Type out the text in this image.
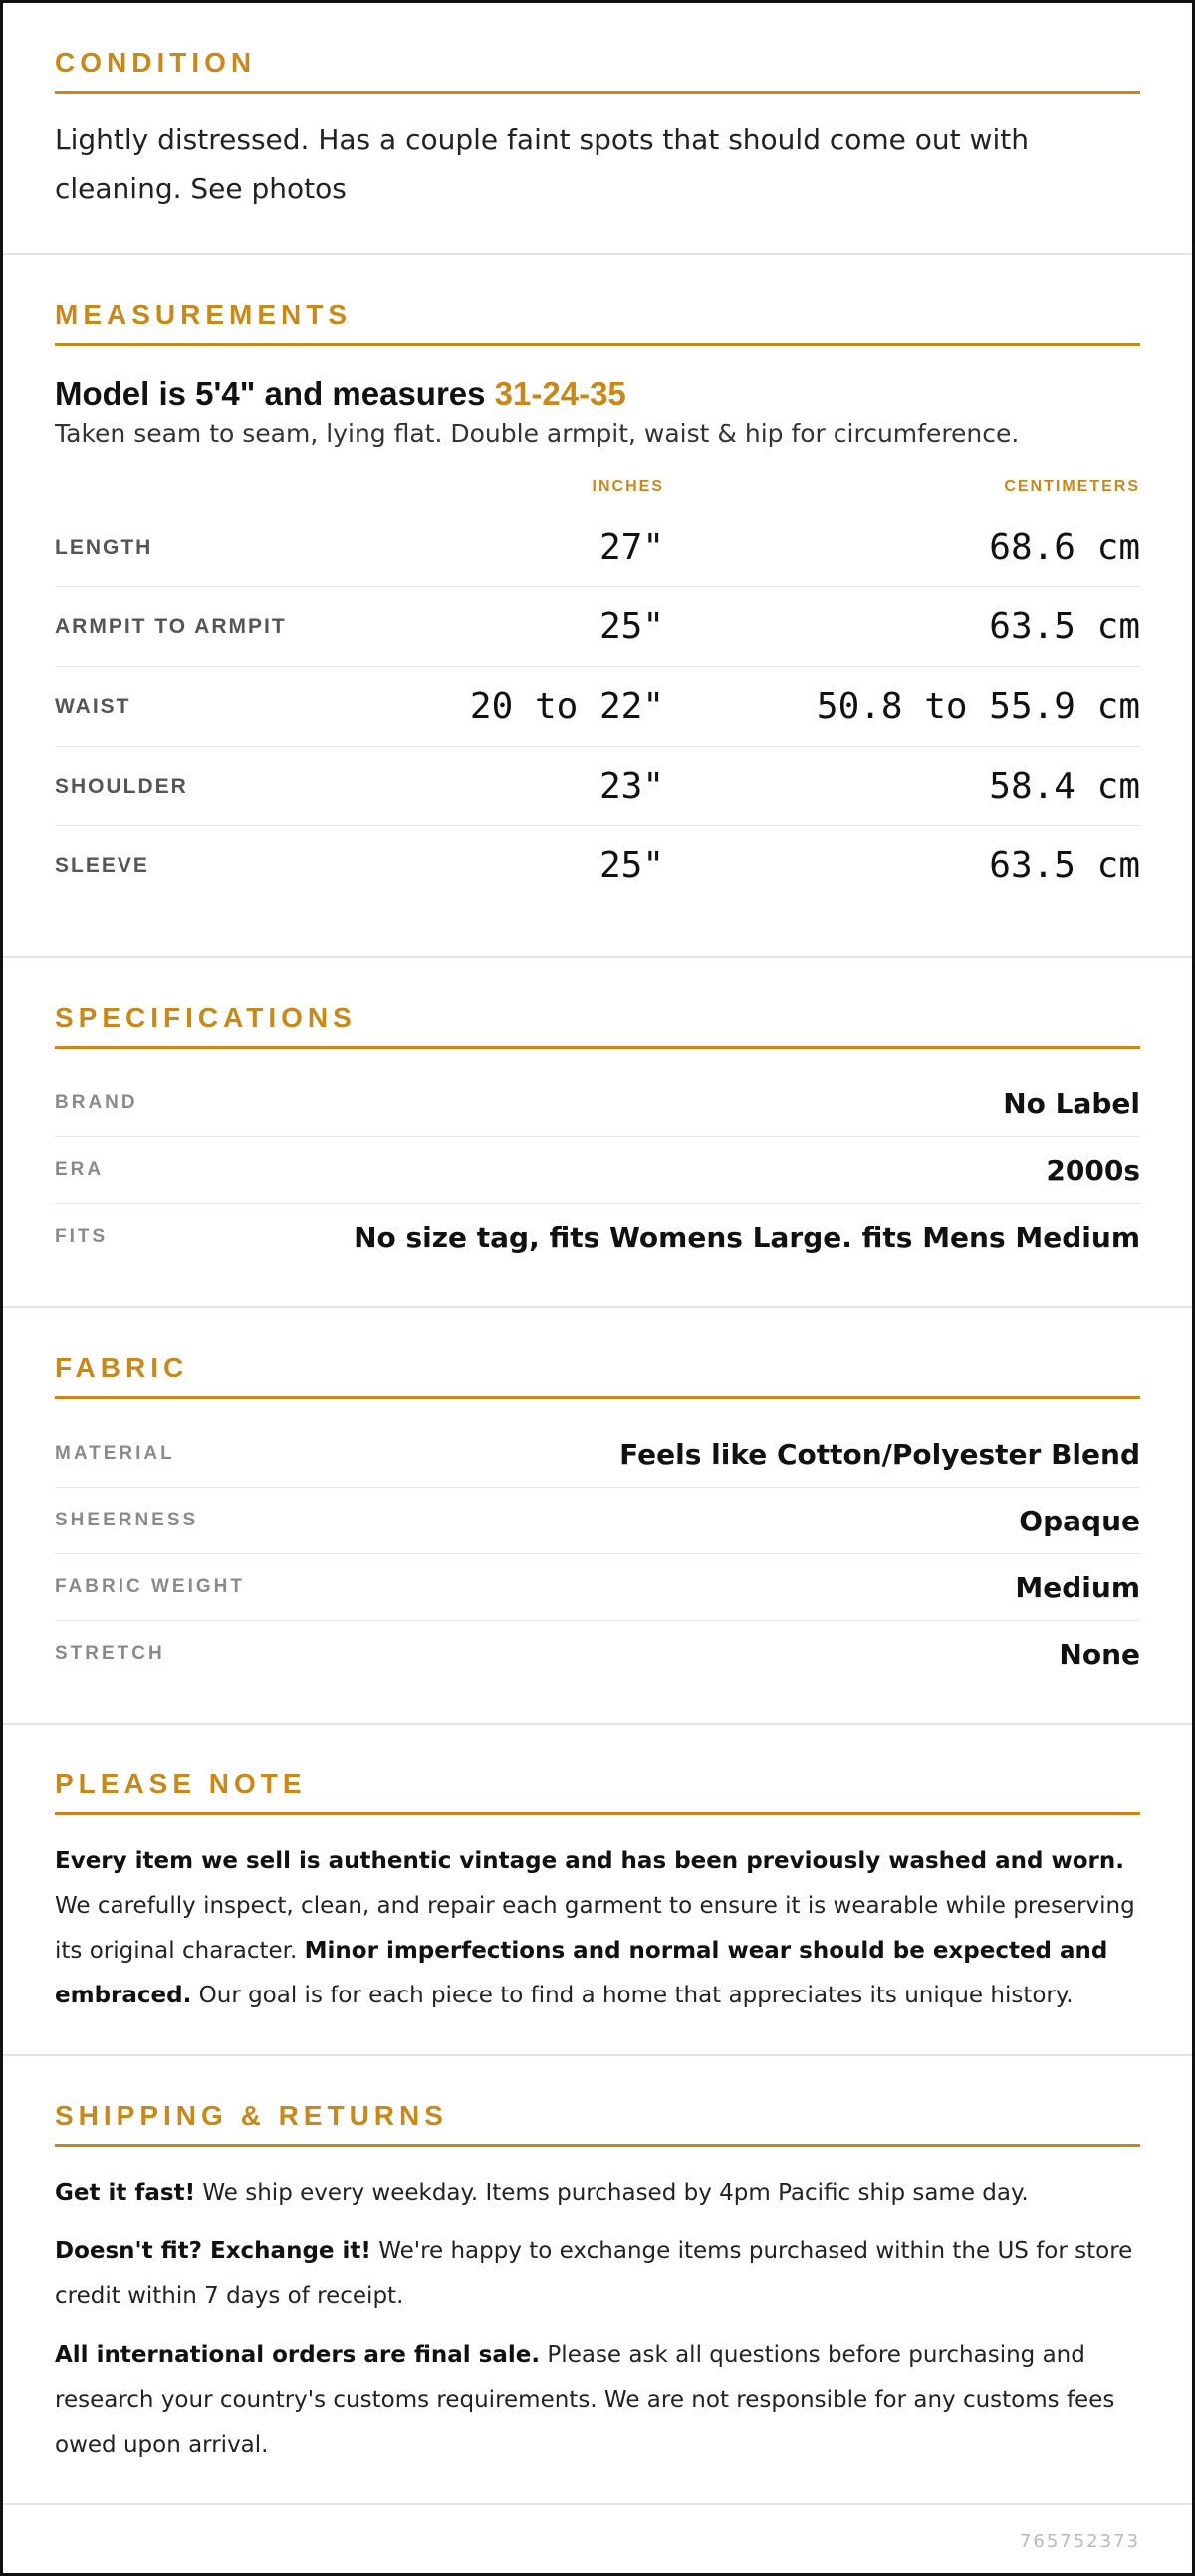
CONDITION
Lightly distressed. Has a couple faint spots that should come out with cleaning. See photos
MEASUREMENTS
Model is 5'4" and measures 31-24-35
Taken seam to seam, lying flat. Double armpit, waist & hip for circumference.
INCHES	CENTIMETERS
LENGTH	27"	68.6 cm
ARMPIT TO ARMPIT	25"	63.5 cm
WAIST	20 to 22"	50.8 to 55.9 cm
SHOULDER	23"	58.4 cm
SLEEVE	25"	63.5 cm
SPECIFICATIONS
BRAND	No Label
ERA	2000s
FITS	No size tag, fits Womens Large. fits Mens Medium
FABRIC
MATERIAL	Feels like Cotton/Polyester Blend
SHEERNESS	Opaque
FABRIC WEIGHT	Medium
STRETCH	None
PLEASE NOTE
Every item we sell is authentic vintage and has been previously washed and worn. We carefully inspect, clean, and repair each garment to ensure it is wearable while preserving its original character. Minor imperfections and normal wear should be expected and embraced. Our goal is for each piece to find a home that appreciates its unique history.
SHIPPING & RETURNS

Get it fast! We ship every weekday. Items purchased by 4pm Pacific ship same day.

Doesn't fit? Exchange it! We're happy to exchange items purchased within the US for store credit within 7 days of receipt.

All international orders are final sale. Please ask all questions before purchasing and research your country's customs requirements. We are not responsible for any customs fees owed upon arrival.

765752373
